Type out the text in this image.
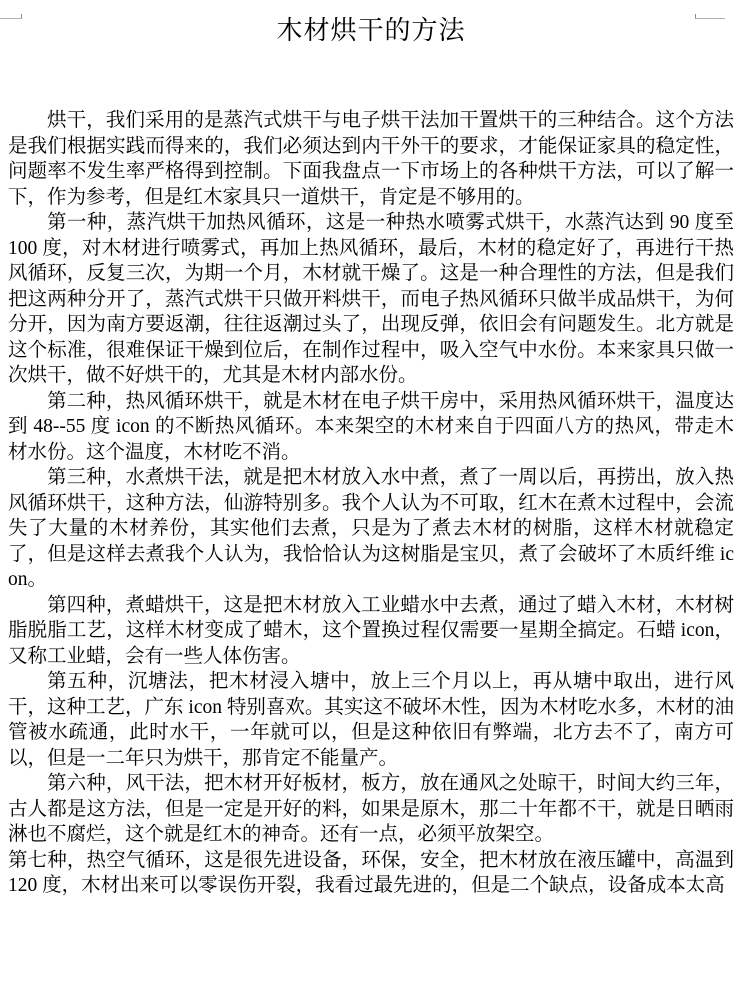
木材烘干的方法

烘干，我们采用的是蒸汽式烘干与电子烘干法加干置烘干的三种结合。这个方法是我们根据实践而得来的，我们必须达到内干外干的要求，才能保证家具的稳定性，问题率不发生率严格得到控制。下面我盘点一下市场上的各种烘干方法，可以了解一下，作为参考，但是红木家具只一道烘干，肯定是不够用的。

第一种，蒸汽烘干加热风循环，这是一种热水喷雾式烘干，水蒸汽达到 90 度至 100 度，对木材进行喷雾式，再加上热风循环，最后，木材的稳定好了，再进行干热风循环，反复三次，为期一个月，木材就干燥了。这是一种合理性的方法，但是我们把这两种分开了，蒸汽式烘干只做开料烘干，而电子热风循环只做半成品烘干，为何分开，因为南方要返潮，往往返潮过头了，出现反弹，依旧会有问题发生。北方就是这个标准，很难保证干燥到位后，在制作过程中，吸入空气中水份。本来家具只做一次烘干，做不好烘干的，尤其是木材内部水份。

第二种，热风循环烘干，就是木材在电子烘干房中，采用热风循环烘干，温度达到 48--55 度 icon 的不断热风循环。本来架空的木材来自于四面八方的热风，带走木材水份。这个温度，木材吃不消。

第三种，水煮烘干法，就是把木材放入水中煮，煮了一周以后，再捞出，放入热风循环烘干，这种方法，仙游特别多。我个人认为不可取，红木在煮木过程中，会流失了大量的木材养份，其实他们去煮，只是为了煮去木材的树脂，这样木材就稳定了，但是这样去煮我个人认为，我恰恰认为这树脂是宝贝，煮了会破坏了木质纤维 icon。

第四种，煮蜡烘干，这是把木材放入工业蜡水中去煮，通过了蜡入木材，木材树脂脱脂工艺，这样木材变成了蜡木，这个置换过程仅需要一星期全搞定。石蜡 icon，又称工业蜡，会有一些人体伤害。

第五种，沉塘法，把木材浸入塘中，放上三个月以上，再从塘中取出，进行风干，这种工艺，广东 icon 特别喜欢。其实这不破坏木性，因为木材吃水多，木材的油管被水疏通，此时水干，一年就可以，但是这种依旧有弊端，北方去不了，南方可以，但是一二年只为烘干，那肯定不能量产。

第六种，风干法，把木材开好板材，板方，放在通风之处晾干，时间大约三年，古人都是这方法，但是一定是开好的料，如果是原木，那二十年都不干，就是日晒雨淋也不腐烂，这个就是红木的神奇。还有一点，必须平放架空。

第七种，热空气循环，这是很先进设备，环保，安全，把木材放在液压罐中，高温到 120 度，木材出来可以零误伤开裂，我看过最先进的，但是二个缺点，设备成本太高
